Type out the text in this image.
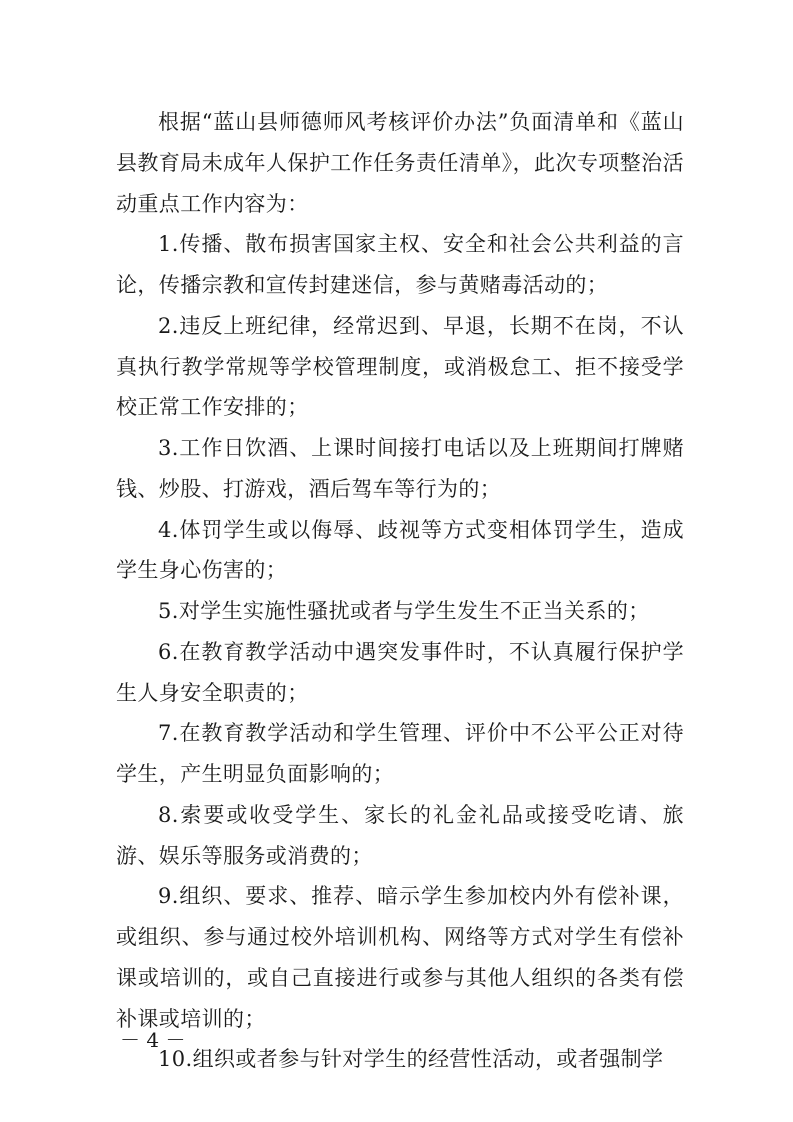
根据“蓝山县师德师风考核评价办法”负面清单和《蓝山县教育局未成年人保护工作任务责任清单》，此次专项整治活动重点工作内容为：

1.传播、散布损害国家主权、安全和社会公共利益的言论，传播宗教和宣传封建迷信，参与黄赌毒活动的；

2.违反上班纪律，经常迟到、早退，长期不在岗，不认真执行教学常规等学校管理制度，或消极怠工、拒不接受学校正常工作安排的；

3.工作日饮酒、上课时间接打电话以及上班期间打牌赌钱、炒股、打游戏，酒后驾车等行为的；

4.体罚学生或以侮辱、歧视等方式变相体罚学生，造成学生身心伤害的；

5.对学生实施性骚扰或者与学生发生不正当关系的；

6.在教育教学活动中遇突发事件时，不认真履行保护学生人身安全职责的；

7.在教育教学活动和学生管理、评价中不公平公正对待学生，产生明显负面影响的；

8.索要或收受学生、家长的礼金礼品或接受吃请、旅游、娱乐等服务或消费的；

9.组织、要求、推荐、暗示学生参加校内外有偿补课，或组织、参与通过校外培训机构、网络等方式对学生有偿补课或培训的，或自己直接进行或参与其他人组织的各类有偿补课或培训的；

10.组织或者参与针对学生的经营性活动，或者强制学

－ 4 －
